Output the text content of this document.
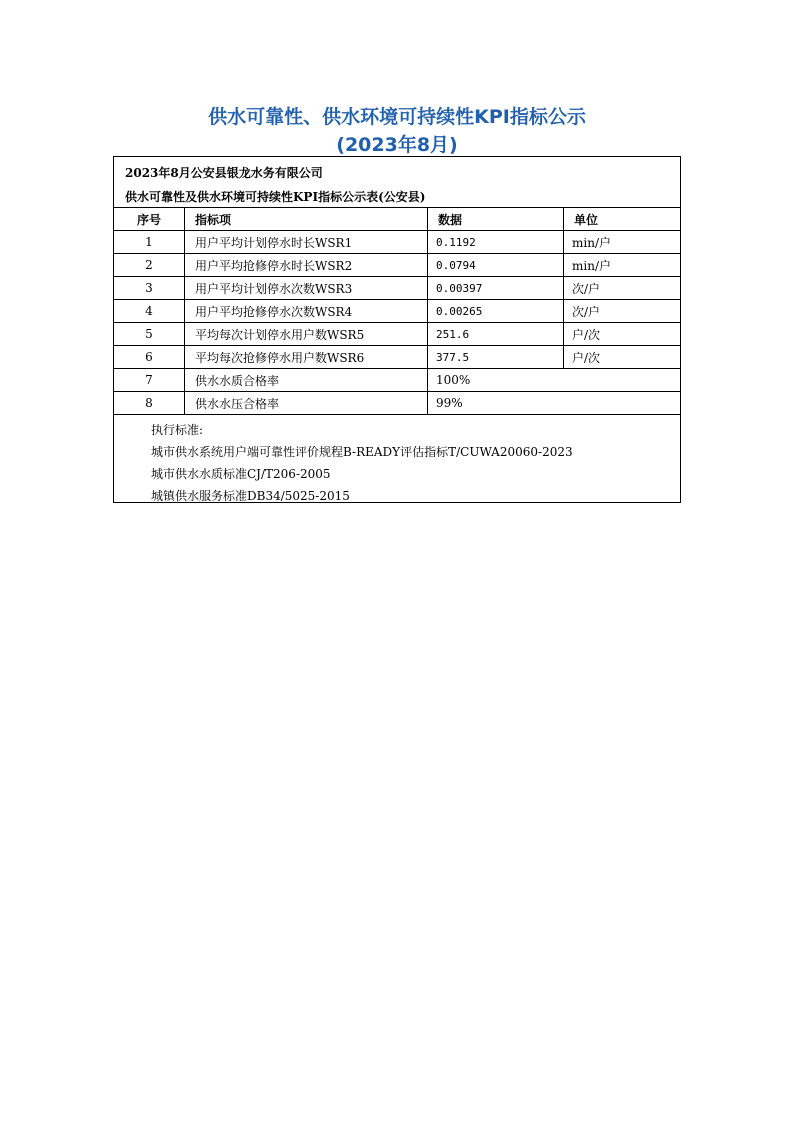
供水可靠性、供水环境可持续性KPI指标公示
(2023年8月)
2023年8月公安县银龙水务有限公司
供水可靠性及供水环境可持续性KPI指标公示表(公安县)
序号	指标项	数据	单位
1	用户平均计划停水时长WSR1	0.1192	min/户
2	用户平均抢修停水时长WSR2	0.0794	min/户
3	用户平均计划停水次数WSR3	0.00397	次/户
4	用户平均抢修停水次数WSR4	0.00265	次/户
5	平均每次计划停水用户数WSR5	251.6	户/次
6	平均每次抢修停水用户数WSR6	377.5	户/次
7	供水水质合格率	100%	
8	供水水压合格率	99%	
执行标准:
城市供水系统用户端可靠性评价规程B-READY评估指标T/CUWA20060-2023
城市供水水质标准CJ/T206-2005
城镇供水服务标准DB34/5025-2015
